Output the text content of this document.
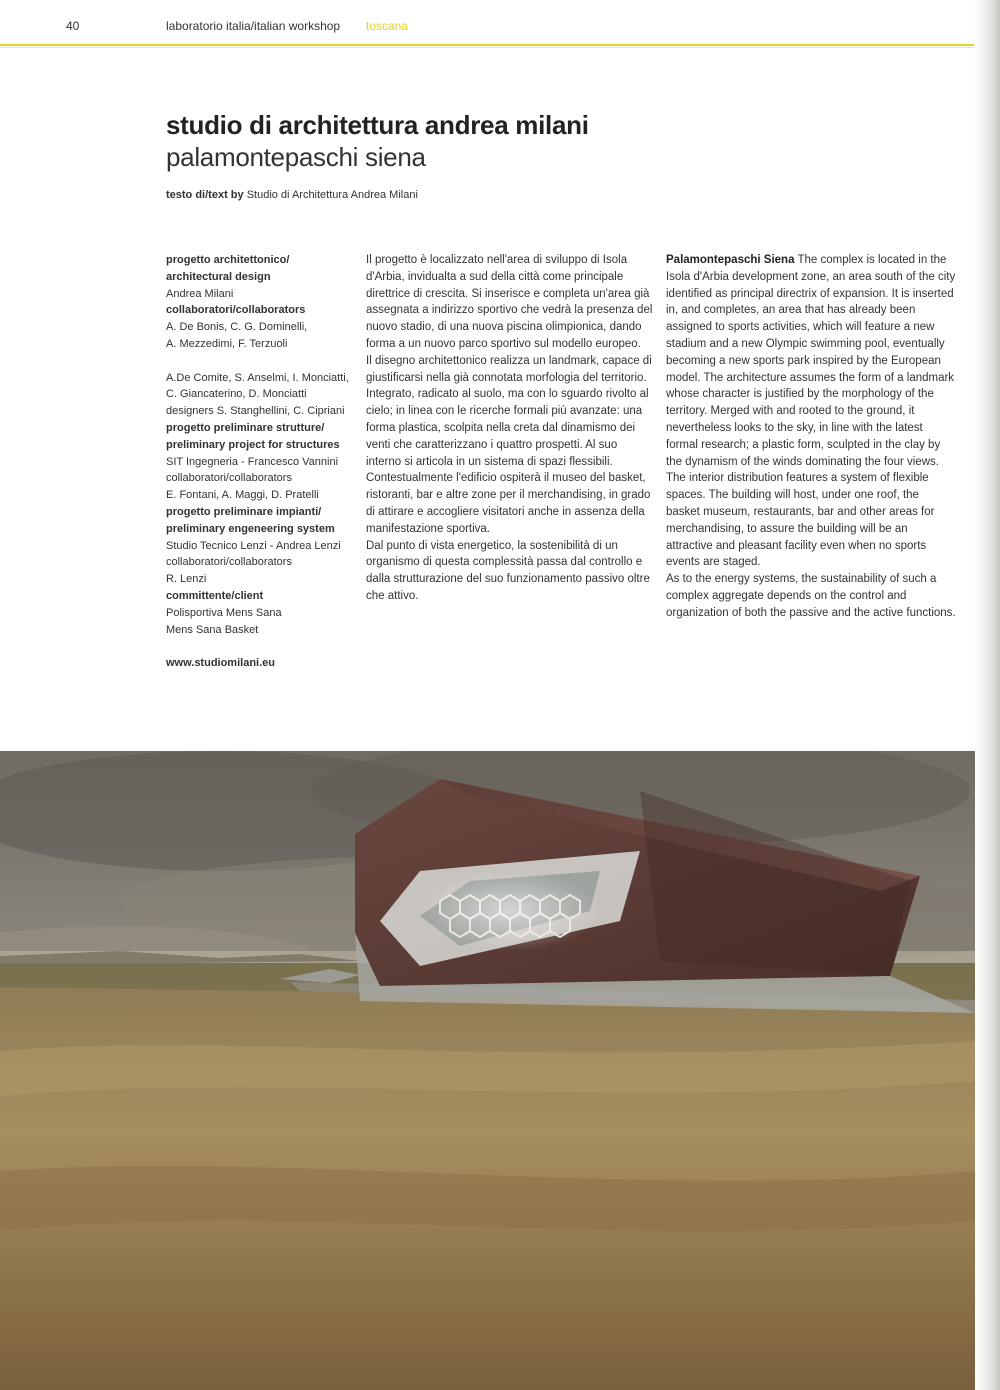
40	laboratorio italia/italian workshop toscana
studio di architettura andrea milani
palamontepaschi siena
testo di/text by Studio di Architettura Andrea Milani
progetto architettonico/
architectural design
Andrea Milani
collaboratori/collaborators
A. De Bonis, C. G. Dominelli,
A. Mezzedimi, F. Terzuoli
A.De Comite, S. Anselmi, I. Monciatti,
C. Giancaterino, D. Monciatti
designers S. Stanghellini, C. Cipriani
progetto preliminare strutture/
preliminary project for structures
SIT Ingegneria - Francesco Vannini
collaboratori/collaborators
E. Fontani, A. Maggi, D. Pratelli
progetto preliminare impianti/
preliminary engeneering system
Studio Tecnico Lenzi - Andrea Lenzi
collaboratori/collaborators
R. Lenzi
committente/client
Polisportiva Mens Sana
Mens Sana Basket
www.studiomilani.eu
Il progetto è localizzato nell'area di sviluppo di Isola d'Arbia, invidualta a sud della città come principale direttrice di crescita. Si inserisce e completa un'area già assegnata a indirizzo sportivo che vedrà la presenza del nuovo stadio, di una nuova piscina olimpionica, dando forma a un nuovo parco sportivo sul modello europeo.
Il disegno architettonico realizza un landmark, capace di giustificarsi nella già connotata morfologia del territorio. Integrato, radicato al suolo, ma con lo sguardo rivolto al cielo; in linea con le ricerche formali più avanzate: una forma plastica, scolpita nella creta dal dinamismo dei venti che caratterizzano i quattro prospetti. Al suo interno si articola in un sistema di spazi flessibili. Contestualmente l'edificio ospiterà il museo del basket, ristoranti, bar e altre zone per il merchandising, in grado di attirare e accogliere visitatori anche in assenza della manifestazione sportiva.
Dal punto di vista energetico, la sostenibilità di un organismo di questa complessità passa dal controllo e dalla strutturazione del suo funzionamento passivo oltre che attivo.
Palamontepaschi Siena The complex is located in the Isola d'Arbia development zone, an area south of the city identified as principal directrix of expansion. It is inserted in, and completes, an area that has already been assigned to sports activities, which will feature a new stadium and a new Olympic swimming pool, eventually becoming a new sports park inspired by the European model. The architecture assumes the form of a landmark whose character is justified by the morphology of the territory. Merged with and rooted to the ground, it nevertheless looks to the sky, in line with the latest formal research; a plastic form, sculpted in the clay by the dynamism of the winds dominating the four views. The interior distribution features a system of flexible spaces. The building will host, under one roof, the basket museum, restaurants, bar and other areas for merchandising, to assure the building will be an attractive and pleasant facility even when no sports events are staged.
As to the energy systems, the sustainability of such a complex aggregate depends on the control and organization of both the passive and the active functions.
